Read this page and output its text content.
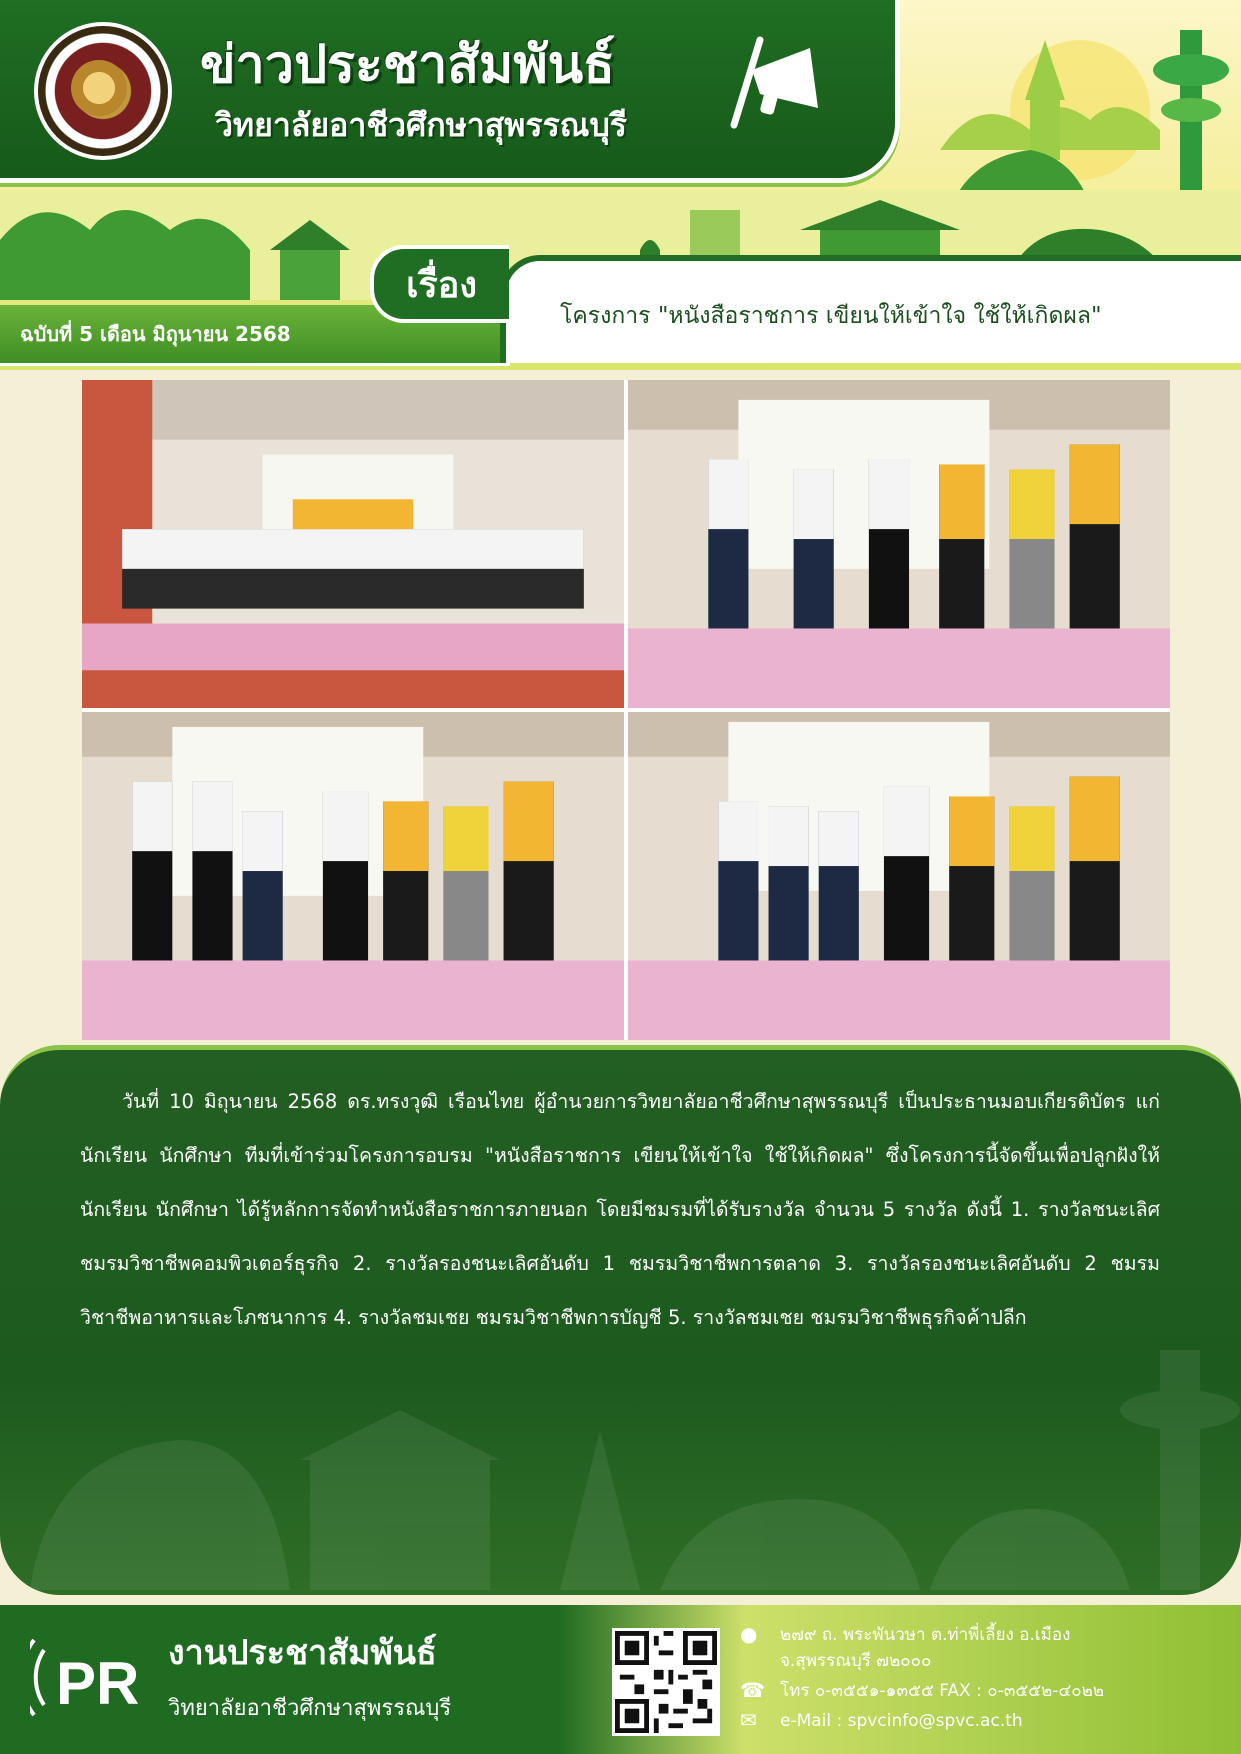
ข่าวประชาสัมพันธ์
วิทยาลัยอาชีวศึกษาสุพรรณบุรี
ฉบับที่ 5 เดือน มิถุนายน 2568
เรื่อง
โครงการ "หนังสือราชการ เขียนให้เข้าใจ ใช้ให้เกิดผล"
วันที่ 10 มิถุนายน 2568 ดร.ทรงวุฒิ เรือนไทย ผู้อำนวยการวิทยาลัยอาชีวศึกษาสุพรรณบุรี เป็นประธานมอบเกียรติบัตร แก่นักเรียน นักศึกษา ทีมที่เข้าร่วมโครงการอบรม "หนังสือราชการ เขียนให้เข้าใจ ใช้ให้เกิดผล" ซึ่งโครงการนี้จัดขึ้นเพื่อปลูกฝังให้นักเรียน นักศึกษา ได้รู้หลักการจัดทำหนังสือราชการภายนอก โดยมีชมรมที่ได้รับรางวัล จำนวน 5 รางวัล ดังนี้ 1. รางวัลชนะเลิศ ชมรมวิชาชีพคอมพิวเตอร์ธุรกิจ 2. รางวัลรองชนะเลิศอันดับ 1 ชมรมวิชาชีพการตลาด 3. รางวัลรองชนะเลิศอันดับ 2 ชมรมวิชาชีพอาหารและโภชนาการ 4. รางวัลชมเชย ชมรมวิชาชีพการบัญชี 5. รางวัลชมเชย ชมรมวิชาชีพธุรกิจค้าปลีก
PR งานประชาสัมพันธ์
วิทยาลัยอาชีวศึกษาสุพรรณบุรี
●	๒๗๙ ถ. พระพันวษา ต.ท่าพี่เลี้ยง อ.เมือง
จ.สุพรรณบุรี ๗๒๐๐๐
☎ โทร ๐-๓๕๕๑-๑๓๕๕ FAX : ๐-๓๕๕๒-๔๐๒๒
✉	e-Mail : spvcinfo@spvc.ac.th
